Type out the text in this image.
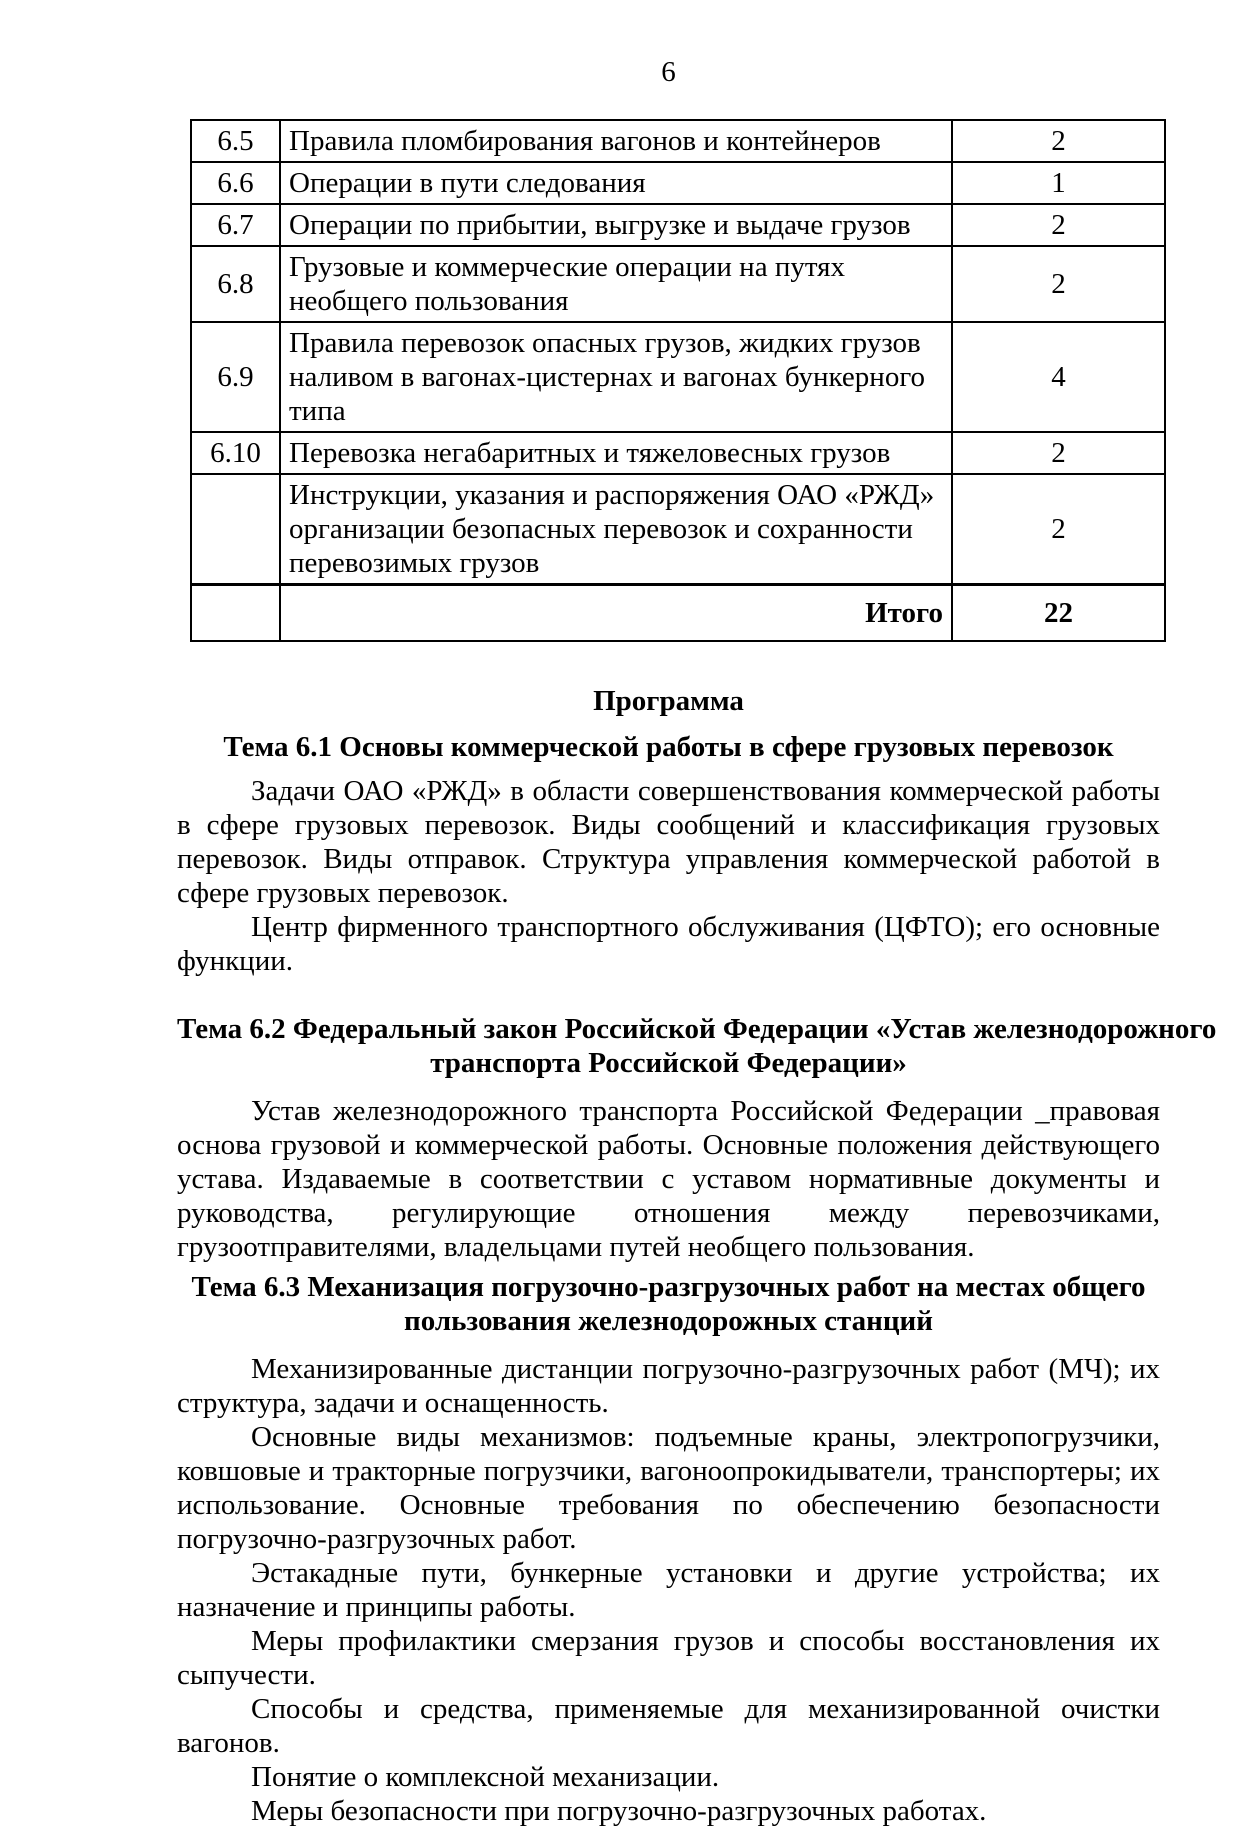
6
6.5	Правила пломбирования вагонов и контейнеров	2
6.6	Операции в пути следования	1
6.7	Операции по прибытии, выгрузке и выдаче грузов	2
6.8	Грузовые и коммерческие операции на путях необщего пользования	2
6.9	Правила перевозок опасных грузов, жидких грузов наливом в вагонах-цистернах и вагонах бункерного типа	4
6.10	Перевозка негабаритных и тяжеловесных грузов	2
	Инструкции, указания и распоряжения ОАО «РЖД» организации безопасных перевозок и сохранности перевозимых грузов	2
	Итого	22
Программа
Тема 6.1 Основы коммерческой работы в сфере грузовых перевозок

Задачи ОАО «РЖД» в области совершенствования коммерческой работы в сфере грузовых перевозок. Виды сообщений и классификация грузовых перевозок. Виды отправок. Структура управления коммерческой работой в сфере грузовых перевозок.

Центр фирменного транспортного обслуживания (ЦФТО); его основные функции.

Тема 6.2 Федеральный закон Российской Федерации «Устав железнодорожного
транспорта Российской Федерации»

Устав железнодорожного транспорта Российской Федерации _правовая основа грузовой и коммерческой работы. Основные положения действующего устава. Издаваемые в соответствии с уставом нормативные документы и руководства, регулирующие отношения между перевозчиками, грузоотправителями, владельцами путей необщего пользования.

Тема 6.3 Механизация погрузочно-разгрузочных работ на местах общего
пользования железнодорожных станций

Механизированные дистанции погрузочно-разгрузочных работ (МЧ); их структура, задачи и оснащенность.

Основные виды механизмов: подъемные краны, электропогрузчики, ковшовые и тракторные погрузчики, вагоноопрокидыватели, транспортеры; их использование. Основные требования по обеспечению безопасности погрузочно-разгрузочных работ.

Эстакадные пути, бункерные установки и другие устройства; их назначение и принципы работы.

Меры профилактики смерзания грузов и способы восстановления их сыпучести.

Способы и средства, применяемые для механизированной очистки вагонов.

Понятие о комплексной механизации.

Меры безопасности при погрузочно-разгрузочных работах.
